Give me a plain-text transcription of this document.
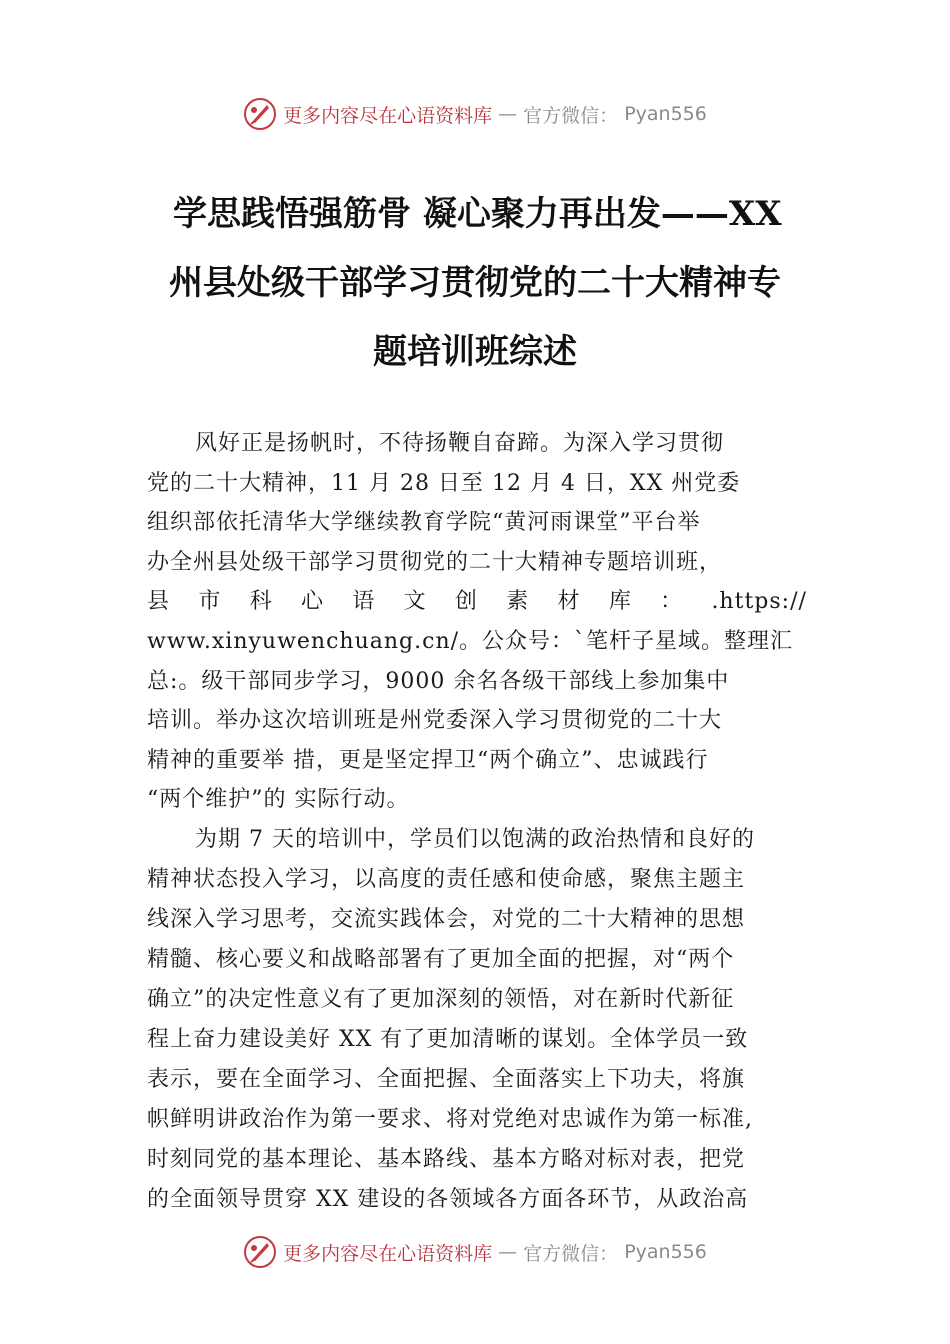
更多内容尽在心语资料库 — 官方微信： Pyan556
学思践悟强筋骨 凝心聚力再出发——XX
州县处级干部学习贯彻党的二十大精神专
题培训班综述
风好正是扬帆时，不待扬鞭自奋蹄。为深入学习贯彻
党的二十大精神，11 月 28 日至 12 月 4 日，XX 州党委
组织部依托清华大学继续教育学院“黄河雨课堂”平台举
办全州县处级干部学习贯彻党的二十大精神专题培训班，
县 市 科 心 语 文 创 素 材 库 ： .https://
www.xinyuwenchuang.cn/。公众号：`笔杆子星域。整理汇
总:。级干部同步学习，9000 余名各级干部线上参加集中
培训。举办这次培训班是州党委深入学习贯彻党的二十大
精神的重要举 措，更是坚定捍卫“两个确立”、忠诚践行
“两个维护”的 实际行动。
为期 7 天的培训中，学员们以饱满的政治热情和良好的
精神状态投入学习，以高度的责任感和使命感，聚焦主题主
线深入学习思考，交流实践体会，对党的二十大精神的思想
精髓、核心要义和战略部署有了更加全面的把握，对“两个
确立”的决定性意义有了更加深刻的领悟，对在新时代新征
程上奋力建设美好 XX 有了更加清晰的谋划。全体学员一致
表示，要在全面学习、全面把握、全面落实上下功夫，将旗
帜鲜明讲政治作为第一要求、将对党绝对忠诚作为第一标准,
时刻同党的基本理论、基本路线、基本方略对标对表，把党
的全面领导贯穿 XX 建设的各领域各方面各环节，从政治高
更多内容尽在心语资料库 — 官方微信： Pyan556
